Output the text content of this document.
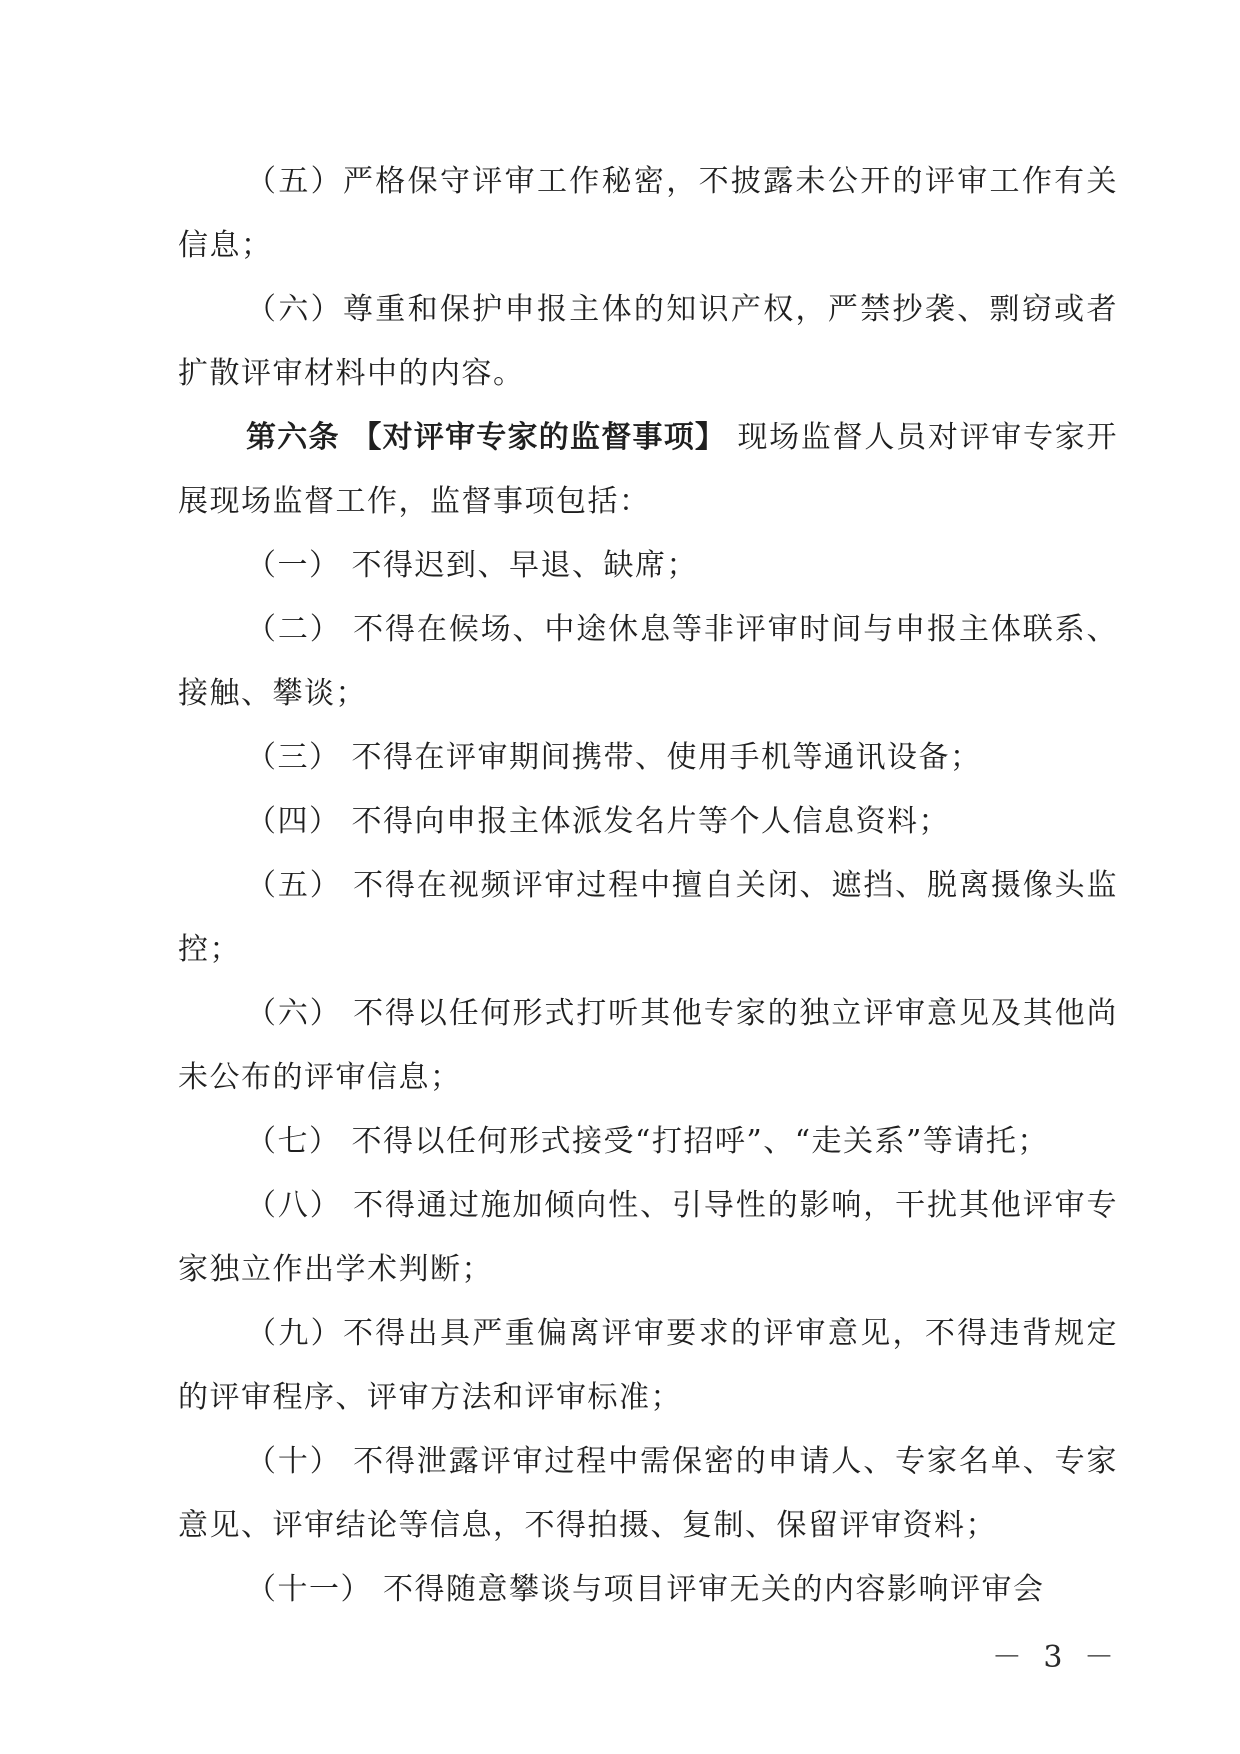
（五）严格保守评审工作秘密，不披露未公开的评审工作有关信息；

（六）尊重和保护申报主体的知识产权，严禁抄袭、剽窃或者扩散评审材料中的内容。

第六条 【对评审专家的监督事项】 现场监督人员对评审专家开展现场监督工作，监督事项包括：

（一） 不得迟到、早退、缺席；

（二） 不得在候场、中途休息等非评审时间与申报主体联系、接触、攀谈；

（三） 不得在评审期间携带、使用手机等通讯设备；

（四） 不得向申报主体派发名片等个人信息资料；

（五） 不得在视频评审过程中擅自关闭、遮挡、脱离摄像头监控；

（六） 不得以任何形式打听其他专家的独立评审意见及其他尚未公布的评审信息；

（七） 不得以任何形式接受“打招呼”、“走关系”等请托；

（八） 不得通过施加倾向性、引导性的影响，干扰其他评审专家独立作出学术判断；

（九）不得出具严重偏离评审要求的评审意见，不得违背规定的评审程序、评审方法和评审标准；

（十） 不得泄露评审过程中需保密的申请人、专家名单、专家意见、评审结论等信息，不得拍摄、复制、保留评审资料；

（十一） 不得随意攀谈与项目评审无关的内容影响评审会

－ 3 －
